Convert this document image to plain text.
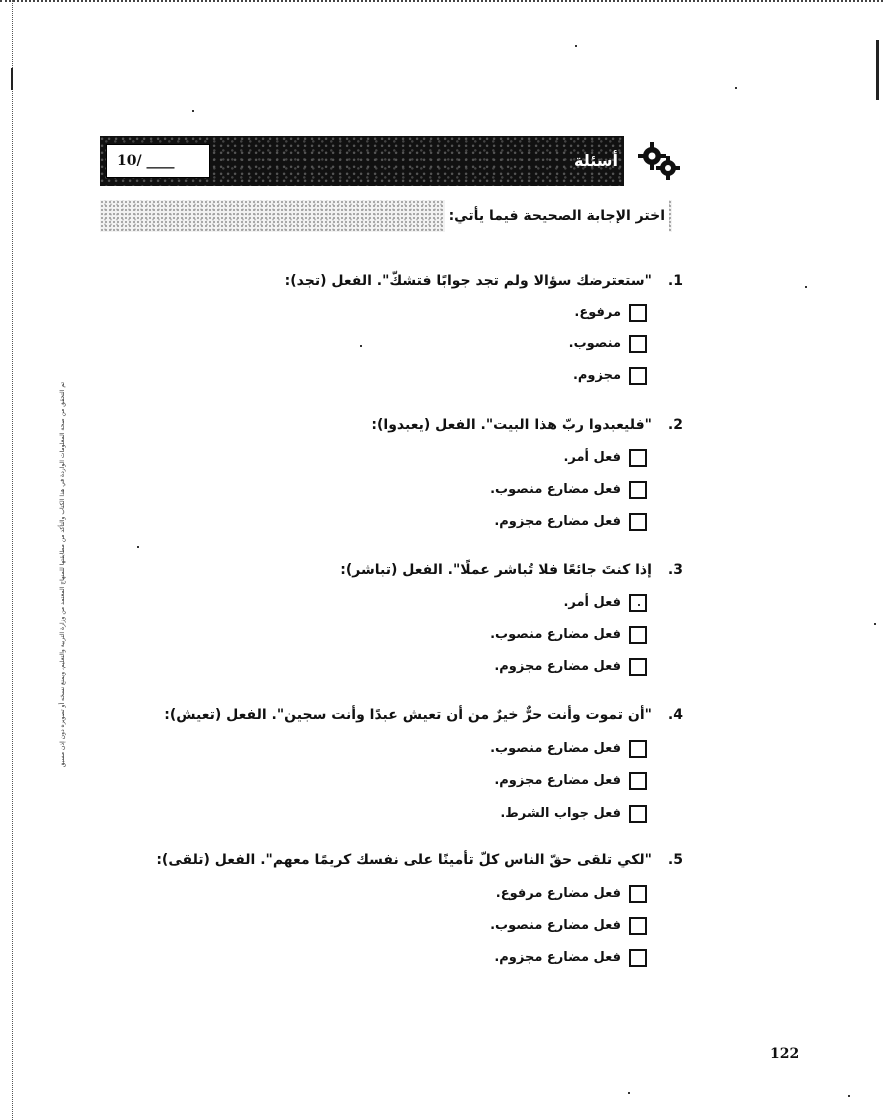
تم التحقق من صحة المعلومات الواردة في هذا الكتاب والتأكد من مطابقتها للمنهاج المعتمد من وزارة التربية والتعليم، ويمنع نسخه أو تصويره دون إذن مسبق
10/ ____	أسئلة
اختر الإجابة الصحيحة فيما يأتي:
1."ستعترضك سؤالا ولم تجد جوابًا فتشكّ". الفعل (تجد):
مرفوع.
منصوب.
مجزوم.
2."فليعبدوا ربّ هذا البيت". الفعل (يعبدوا):
فعل أمر.
فعل مضارع منصوب.
فعل مضارع مجزوم.
3.إذا كنتَ جائعًا فلا تُباشر عملًا". الفعل (تباشر):
فعل أمر.
فعل مضارع منصوب.
فعل مضارع مجزوم.
4."أن تموت وأنت حرٌّ خيرٌ من أن تعيش عبدًا وأنت سجين". الفعل (تعيش):
فعل مضارع منصوب.
فعل مضارع مجزوم.
فعل جواب الشرط.
5."لكي تلقى حقّ الناس كلّ تأمينًا على نفسك كريمًا معهم". الفعل (تلقى):
فعل مضارع مرفوع.
فعل مضارع منصوب.
فعل مضارع مجزوم.
122
